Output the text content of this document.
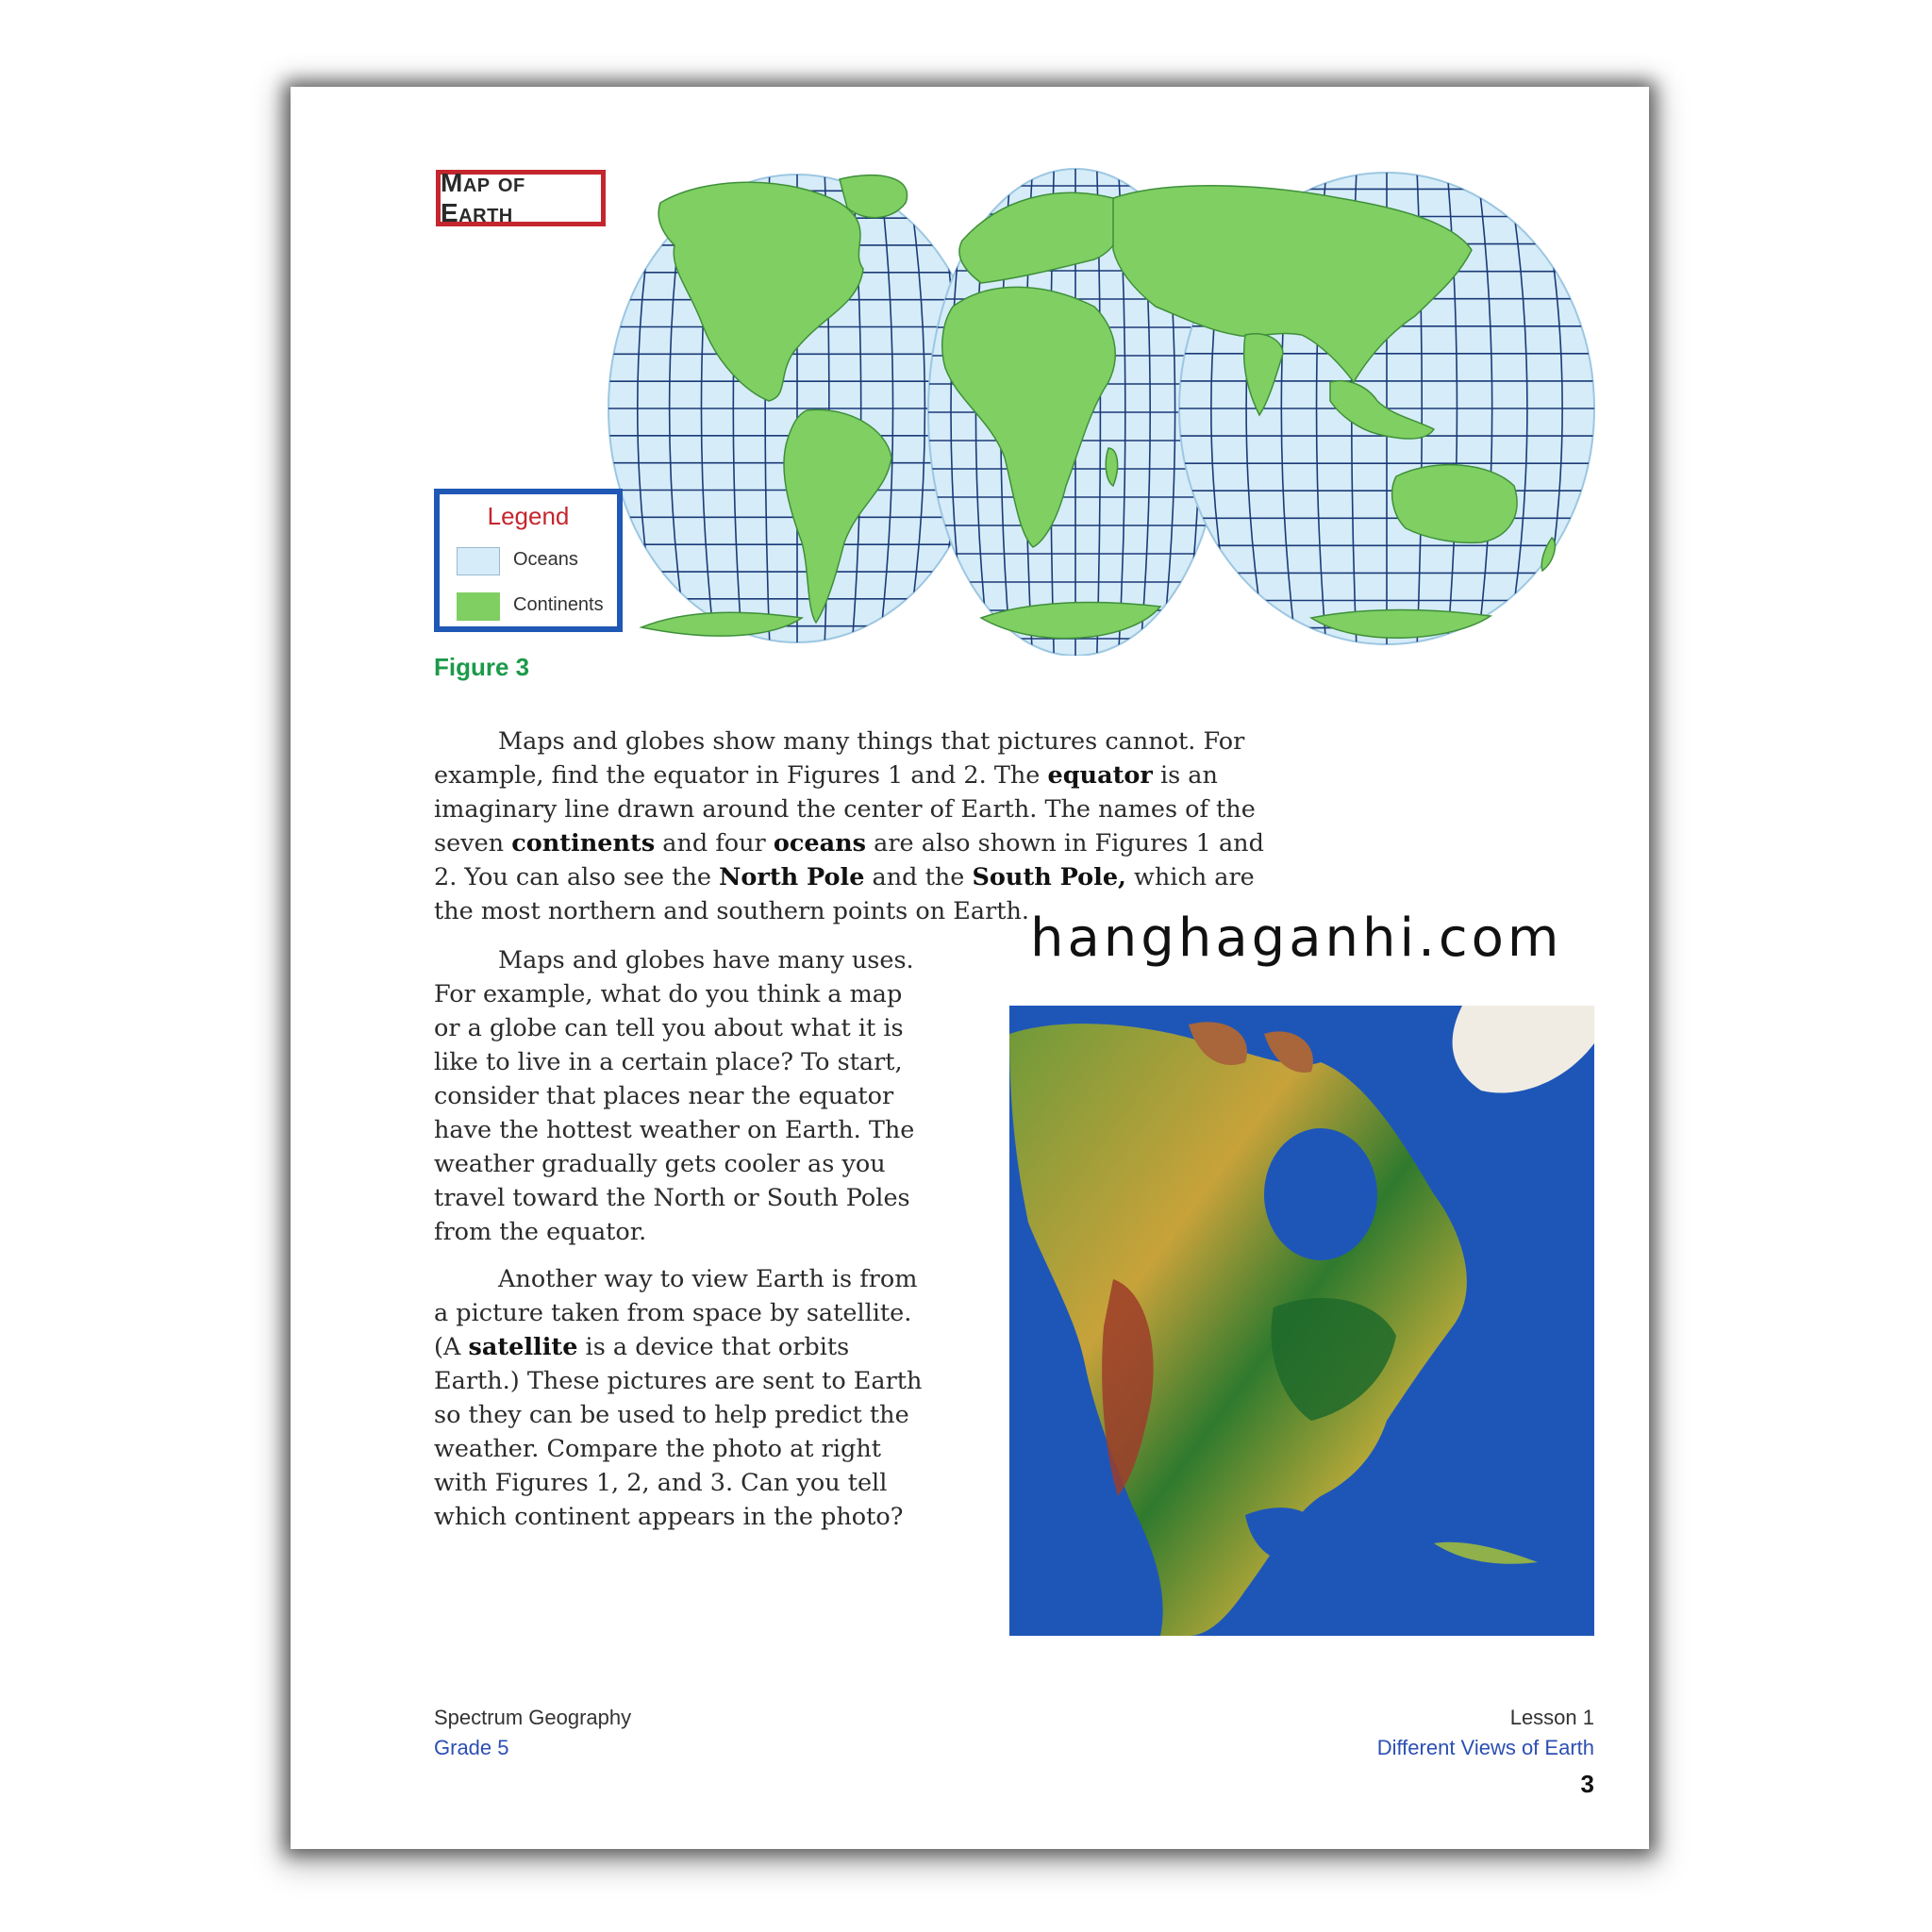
Map of Earth
Legend
Oceans
Continents
Figure 3
Maps and globes show many things that pictures cannot. For example, find the equator in Figures 1 and 2. The equator is an imaginary line drawn around the center of Earth. The names of the seven continents and four oceans are also shown in Figures 1 and 2. You can also see the North Pole and the South Pole, which are the most northern and southern points on Earth.
Maps and globes have many uses. For example, what do you think a map or a globe can tell you about what it is like to live in a certain place? To start, consider that places near the equator have the hottest weather on Earth. The weather gradually gets cooler as you travel toward the North or South Poles from the equator.
Another way to view Earth is from a picture taken from space by satellite. (A satellite is a device that orbits Earth.) These pictures are sent to Earth so they can be used to help predict the weather. Compare the photo at right with Figures 1, 2, and 3. Can you tell which continent appears in the photo?
hanghaganhi.com
Spectrum Geography
Grade 5
Lesson 1
Different Views of Earth
3
